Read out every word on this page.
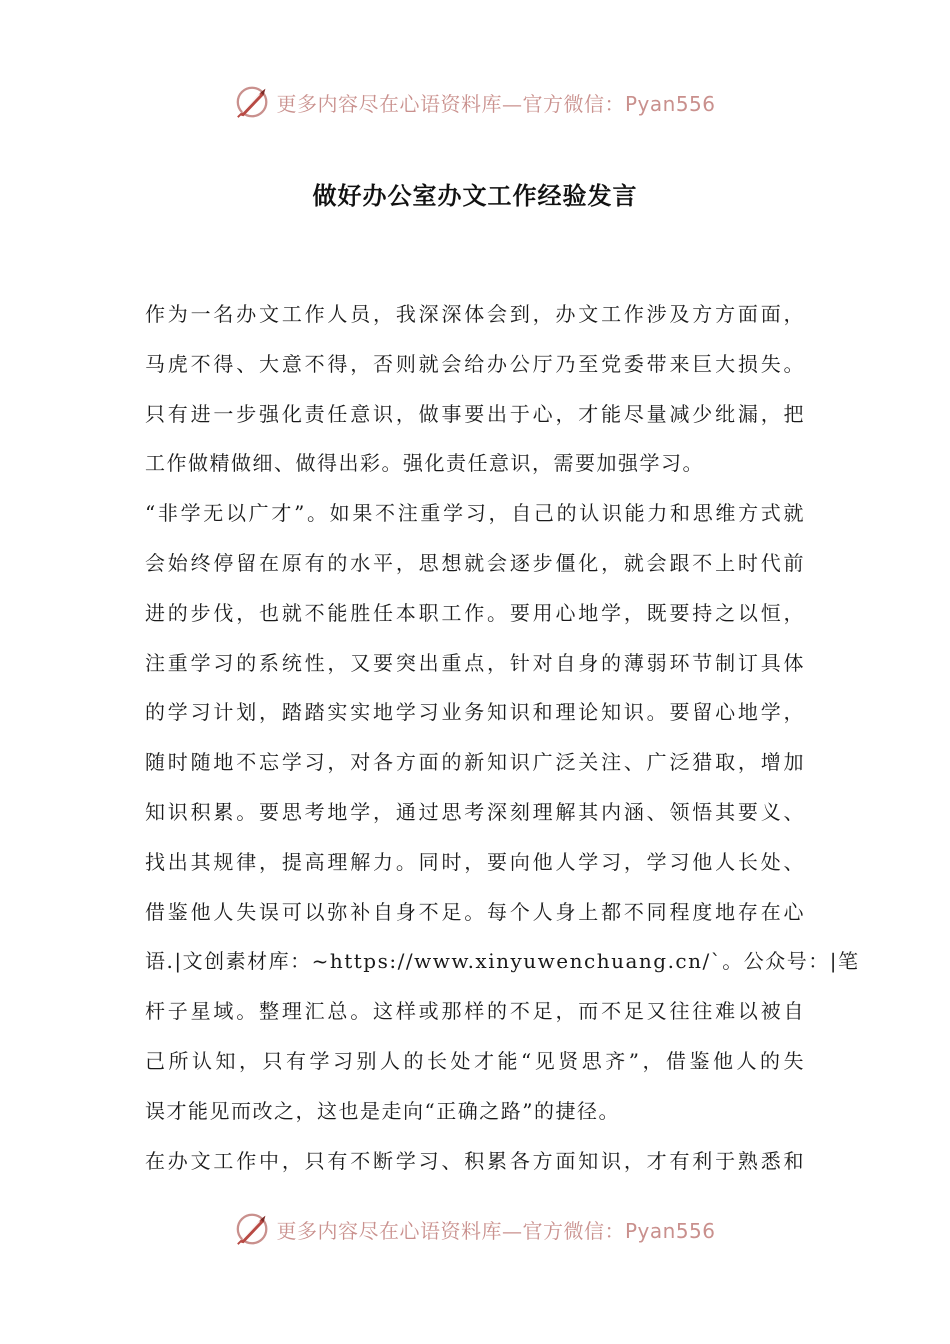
更多内容尽在心语资料库—官方微信：Pyan556
做好办公室办文工作经验发言
作为一名办文工作人员，我深深体会到，办文工作涉及方方面面，
马虎不得、大意不得，否则就会给办公厅乃至党委带来巨大损失。
只有进一步强化责任意识，做事要出于心，才能尽量减少纰漏，把
工作做精做细、做得出彩。强化责任意识，需要加强学习。
“非学无以广才”。如果不注重学习，自己的认识能力和思维方式就
会始终停留在原有的水平，思想就会逐步僵化，就会跟不上时代前
进的步伐，也就不能胜任本职工作。要用心地学，既要持之以恒，
注重学习的系统性，又要突出重点，针对自身的薄弱环节制订具体
的学习计划，踏踏实实地学习业务知识和理论知识。要留心地学，
随时随地不忘学习，对各方面的新知识广泛关注、广泛猎取，增加
知识积累。要思考地学，通过思考深刻理解其内涵、领悟其要义、
找出其规律，提高理解力。同时，要向他人学习，学习他人长处、
借鉴他人失误可以弥补自身不足。每个人身上都不同程度地存在心
语.|文创素材库：~https://www.xinyuwenchuang.cn/`。公众号：|笔
杆子星域。整理汇总。这样或那样的不足，而不足又往往难以被自
己所认知，只有学习别人的长处才能“见贤思齐”，借鉴他人的失
误才能见而改之，这也是走向“正确之路”的捷径。
在办文工作中，只有不断学习、积累各方面知识，才有利于熟悉和
更多内容尽在心语资料库—官方微信：Pyan556
